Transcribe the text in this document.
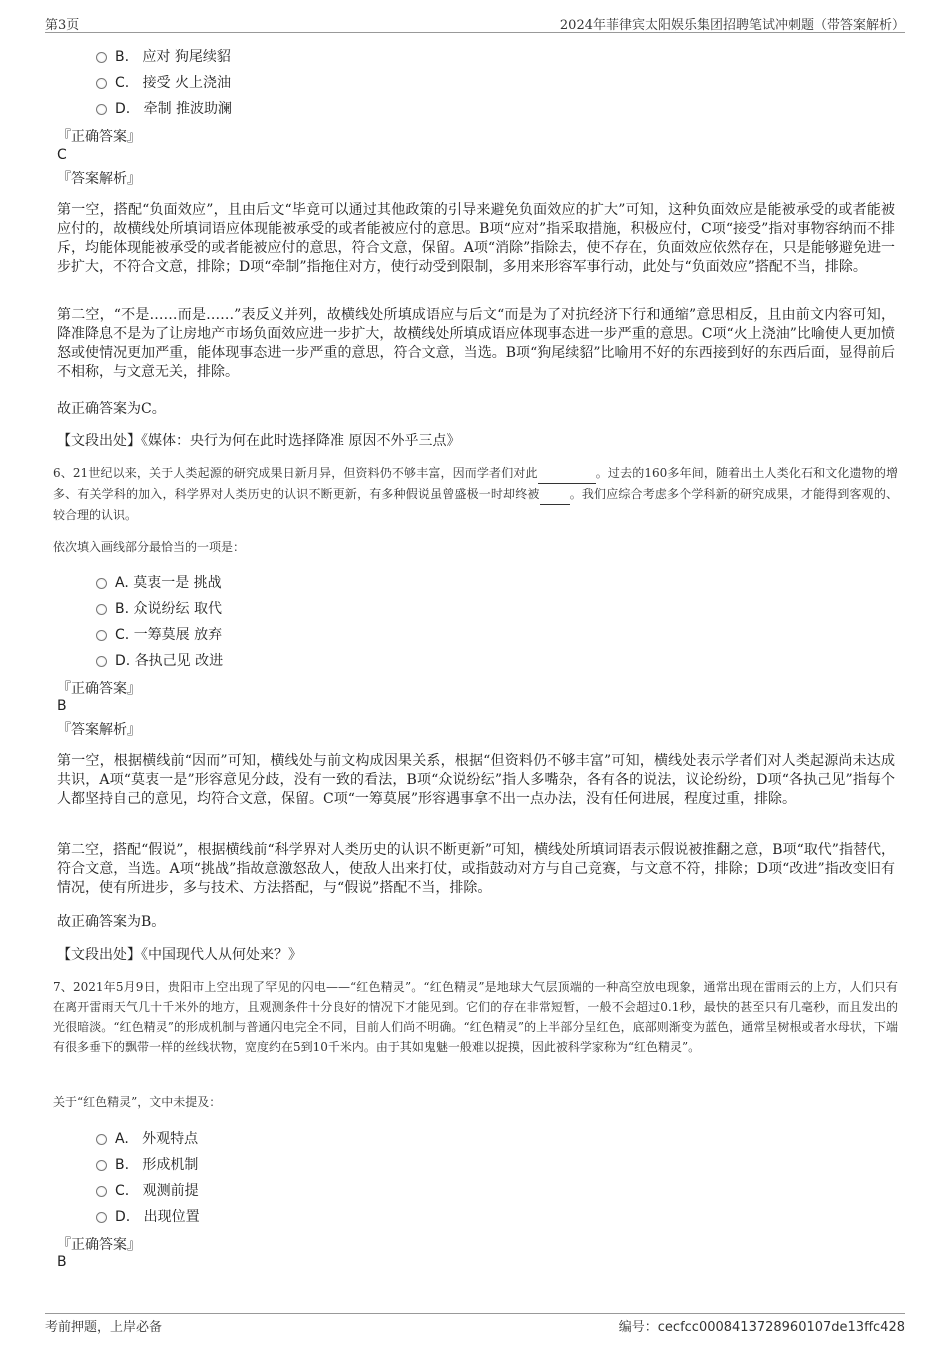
第3页	2024年菲律宾太阳娱乐集团招聘笔试冲刺题（带答案解析）
B. 应对 狗尾续貂
C. 接受 火上浇油
D. 牵制 推波助澜
『正确答案』
C
『答案解析』

第一空，搭配“负面效应”，且由后文“毕竟可以通过其他政策的引导来避免负面效应的扩大”可知，这种负面效应是能被承受的或者能被应付的，故横线处所填词语应体现能被承受的或者能被应付的意思。B项“应对”指采取措施，积极应付，C项“接受”指对事物容纳而不排斥，均能体现能被承受的或者能被应付的意思，符合文意，保留。A项“消除”指除去，使不存在，负面效应依然存在，只是能够避免进一步扩大，不符合文意，排除；D项“牵制”指拖住对方，使行动受到限制，多用来形容军事行动，此处与“负面效应”搭配不当，排除。

第二空，“不是……而是……”表反义并列，故横线处所填成语应与后文“而是为了对抗经济下行和通缩”意思相反，且由前文内容可知，降准降息不是为了让房地产市场负面效应进一步扩大，故横线处所填成语应体现事态进一步严重的意思。C项“火上浇油”比喻使人更加愤怒或使情况更加严重，能体现事态进一步严重的意思，符合文意，当选。B项“狗尾续貂”比喻用不好的东西接到好的东西后面，显得前后不相称，与文意无关，排除。

故正确答案为C。
【文段出处】《媒体：央行为何在此时选择降准 原因不外乎三点》

6、21世纪以来，关于人类起源的研究成果日新月异，但资料仍不够丰富，因而学者们对此	。过去的160多年间，随着出土人类化石和文化遗物的增多、有关学科的加入，科学界对人类历史的认识不断更新，有多种假说虽曾盛极一时却终被	。我们应综合考虑多个学科新的研究成果，才能得到客观的、较合理的认识。

依次填入画线部分最恰当的一项是：
A. 莫衷一是 挑战
B. 众说纷纭 取代
C. 一筹莫展 放弃
D. 各执己见 改进
『正确答案』
B
『答案解析』

第一空，根据横线前“因而”可知，横线处与前文构成因果关系，根据“但资料仍不够丰富”可知，横线处表示学者们对人类起源尚未达成共识，A项“莫衷一是”形容意见分歧，没有一致的看法，B项“众说纷纭”指人多嘴杂，各有各的说法，议论纷纷，D项“各执己见”指每个人都坚持自己的意见，均符合文意，保留。C项“一筹莫展”形容遇事拿不出一点办法，没有任何进展，程度过重，排除。

第二空，搭配“假说”，根据横线前“科学界对人类历史的认识不断更新”可知，横线处所填词语表示假说被推翻之意，B项“取代”指替代，符合文意，当选。A项“挑战”指故意激怒敌人，使敌人出来打仗，或指鼓动对方与自己竞赛，与文意不符，排除；D项“改进”指改变旧有情况，使有所进步，多与技术、方法搭配，与“假说”搭配不当，排除。

故正确答案为B。
【文段出处】《中国现代人从何处来？》

7、2021年5月9日，贵阳市上空出现了罕见的闪电——“红色精灵”。“红色精灵”是地球大气层顶端的一种高空放电现象，通常出现在雷雨云的上方，人们只有在离开雷雨天气几十千米外的地方，且观测条件十分良好的情况下才能见到。它们的存在非常短暂，一般不会超过0.1秒，最快的甚至只有几毫秒，而且发出的光很暗淡。“红色精灵”的形成机制与普通闪电完全不同，目前人们尚不明确。“红色精灵”的上半部分呈红色，底部则渐变为蓝色，通常呈树根或者水母状，下端有很多垂下的飘带一样的丝线状物，宽度约在5到10千米内。由于其如鬼魅一般难以捉摸，因此被科学家称为“红色精灵”。

关于“红色精灵”，文中未提及：
A. 外观特点
B. 形成机制
C. 观测前提
D. 出现位置
『正确答案』
B
考前押题，上岸必备	编号：cecfcc0008413728960107de13ffc428
